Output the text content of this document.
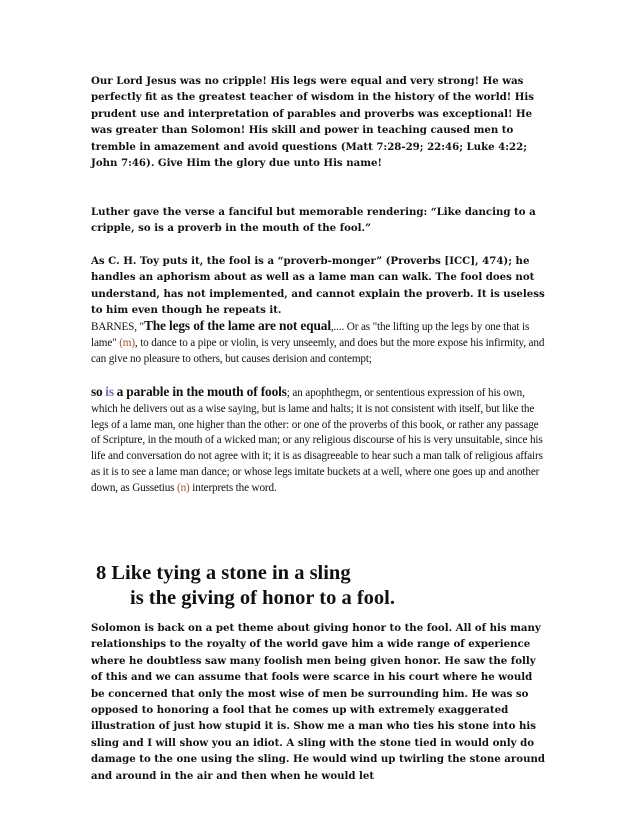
Our Lord Jesus was no cripple! His legs were equal and very strong! He was perfectly fit as the greatest teacher of wisdom in the history of the world! His prudent use and interpretation of parables and proverbs was exceptional! He was greater than Solomon! His skill and power in teaching caused men to tremble in amazement and avoid questions (Matt 7:28-29; 22:46; Luke 4:22; John 7:46). Give Him the glory due unto His name!

Luther gave the verse a fanciful but memorable rendering: “Like dancing to a cripple, so is a proverb in the mouth of the fool.”

As C. H. Toy puts it, the fool is a “proverb-monger” (Proverbs [ICC], 474); he handles an aphorism about as well as a lame man can walk. The fool does not understand, has not implemented, and cannot explain the proverb. It is useless to him even though he repeats it.

BARNES, "The legs of the lame are not equal,.... Or as "the lifting up the legs by one that is lame" (m), to dance to a pipe or violin, is very unseemly, and does but the more expose his infirmity, and can give no pleasure to others, but causes derision and contempt;

so is a parable in the mouth of fools; an apophthegm, or sententious expression of his own, which he delivers out as a wise saying, but is lame and halts; it is not consistent with itself, but like the legs of a lame man, one higher than the other: or one of the proverbs of this book, or rather any passage of Scripture, in the mouth of a wicked man; or any religious discourse of his is very unsuitable, since his life and conversation do not agree with it; it is as disagreeable to hear such a man talk of religious affairs as it is to see a lame man dance; or whose legs imitate buckets at a well, where one goes up and another down, as Gussetius (n) interprets the word.

8 Like tying a stone in a sling
is the giving of honor to a fool.

Solomon is back on a pet theme about giving honor to the fool. All of his many relationships to the royalty of the world gave him a wide range of experience where he doubtless saw many foolish men being given honor. He saw the folly of this and we can assume that fools were scarce in his court where he would be concerned that only the most wise of men be surrounding him. He was so opposed to honoring a fool that he comes up with extremely exaggerated illustration of just how stupid it is. Show me a man who ties his stone into his sling and I will show you an idiot. A sling with the stone tied in would only do damage to the one using the sling. He would wind up twirling the stone around and around in the air and then when he would let
